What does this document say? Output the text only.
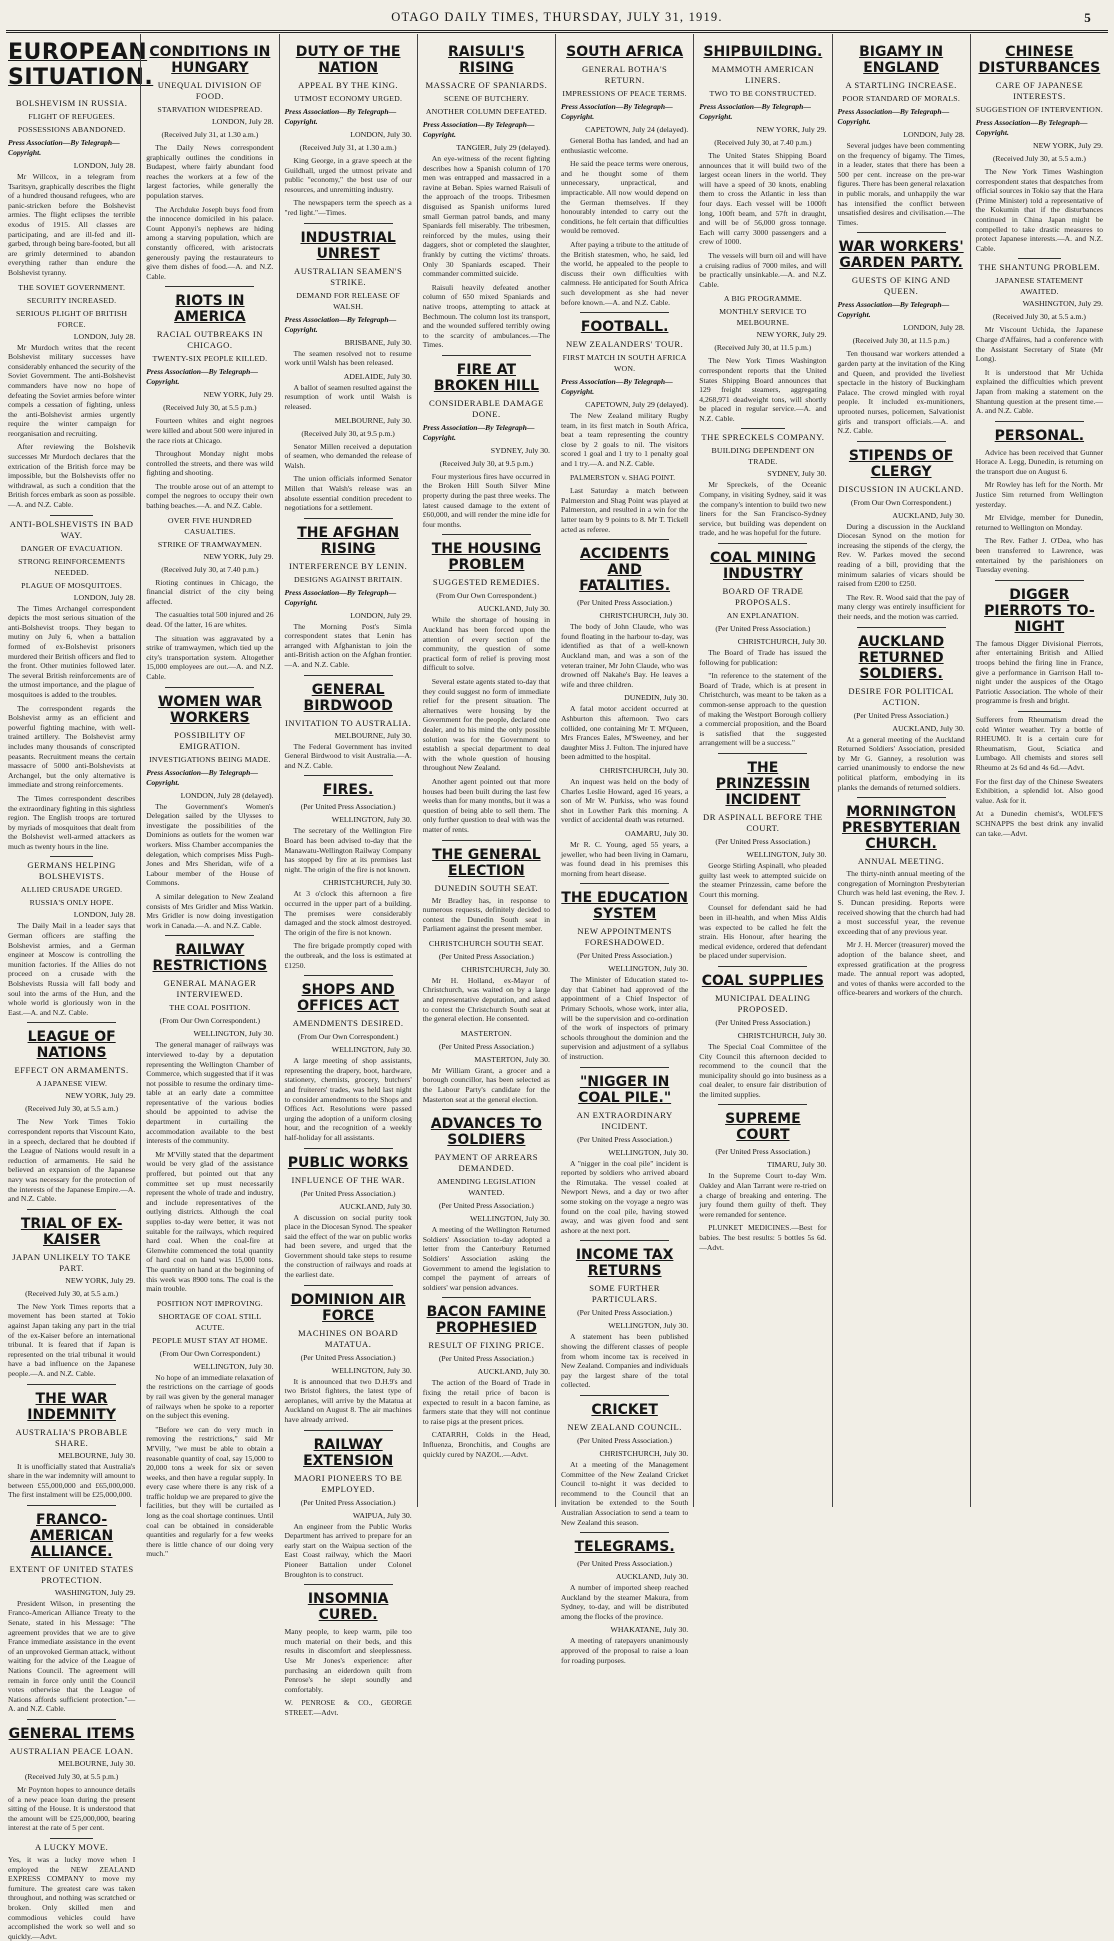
OTAGO DAILY TIMES, THURSDAY, JULY 31, 1919.	5
EUROPEAN SITUATION.
BOLSHEVISM IN RUSSIA.
FLIGHT OF REFUGEES.
POSSESSIONS ABANDONED.
Press Association—By Telegraph—Copyright.
LONDON, July 28.
Mr Willcox, in a telegram from Tsaritsyn, graphically describes the flight of a hundred thousand refugees, who are panic-stricken before the Bolshevist armies. The flight eclipses the terrible exodus of 1915. All classes are participating, and are ill-fed and ill-garbed, through being bare-footed, but all are grimly determined to abandon everything rather than endure the Bolshevist tyranny.
THE SOVIET GOVERNMENT.
SECURITY INCREASED.
SERIOUS PLIGHT OF BRITISH FORCE.
LONDON, July 28.
Mr Murdoch writes that the recent Bolshevist military successes have considerably enhanced the security of the Soviet Government. The anti-Bolshevist commanders have now no hope of defeating the Soviet armies before winter compels a cessation of fighting, unless the anti-Bolshevist armies urgently require the winter campaign for reorganisation and recruiting.
After reviewing the Bolshevik successes Mr Murdoch declares that the extrication of the British force may be impossible, but the Bolshevists offer no withdrawal, as such a condition that the British forces embark as soon as possible.—A. and N.Z. Cable.
ANTI-BOLSHEVISTS IN BAD WAY.
DANGER OF EVACUATION.
STRONG REINFORCEMENTS NEEDED.
PLAGUE OF MOSQUITOES.
LONDON, July 28.
The Times Archangel correspondent depicts the most serious situation of the anti-Bolshevist troops. They began to mutiny on July 6, when a battalion formed of ex-Bolshevist prisoners murdered their British officers and fled to the front. Other mutinies followed later. The several British reinforcements are of the utmost importance, and the plague of mosquitoes is added to the troubles.
The correspondent regards the Bolshevist army as an efficient and powerful fighting machine, with well-trained artillery. The Bolshevist army includes many thousands of conscripted peasants. Recruitment means the certain massacre of 5000 anti-Bolshevists at Archangel, but the only alternative is immediate and strong reinforcements.
The Times correspondent describes the extraordinary fighting in this sightless region. The English troops are tortured by myriads of mosquitoes that dealt from the Bolshevist well-armed attackers as much as twenty hours in the line.
GERMANS HELPING BOLSHEVISTS.
ALLIED CRUSADE URGED.
RUSSIA'S ONLY HOPE.
LONDON, July 28.
The Daily Mail in a leader says that German officers are staffing the Bolshevist armies, and a German engineer at Moscow is controlling the munition factories. If the Allies do not proceed on a crusade with the Bolshevists Russia will fall body and soul into the arms of the Hun, and the whole world is gloriously won in the East.—A. and N.Z. Cable.
LEAGUE OF NATIONS
EFFECT ON ARMAMENTS.
A JAPANESE VIEW.
NEW YORK, July 29.
(Received July 30, at 5.5 a.m.)
The New York Times Tokio correspondent reports that Viscount Kato, in a speech, declared that he doubted if the League of Nations would result in a reduction of armaments. He said he believed an expansion of the Japanese navy was necessary for the protection of the interests of the Japanese Empire.—A. and N.Z. Cable.
TRIAL OF EX-KAISER
JAPAN UNLIKELY TO TAKE PART.
NEW YORK, July 29.
(Received July 30, at 5.5 a.m.)
The New York Times reports that a movement has been started at Tokio against Japan taking any part in the trial of the ex-Kaiser before an international tribunal. It is feared that if Japan is represented on the trial tribunal it would have a bad influence on the Japanese people.—A. and N.Z. Cable.
THE WAR INDEMNITY
AUSTRALIA'S PROBABLE SHARE.
MELBOURNE, July 30.
It is unofficially stated that Australia's share in the war indemnity will amount to between £55,000,000 and £65,000,000. The first instalment will be £25,000,000.
FRANCO-AMERICAN ALLIANCE.
EXTENT OF UNITED STATES PROTECTION.
WASHINGTON, July 29.
President Wilson, in presenting the Franco-American Alliance Treaty to the Senate, stated in his Message: "The agreement provides that we are to give France immediate assistance in the event of an unprovoked German attack, without waiting for the advice of the League of Nations Council. The agreement will remain in force only until the Council votes otherwise that the League of Nations affords sufficient protection."—A. and N.Z. Cable.
GENERAL ITEMS
AUSTRALIAN PEACE LOAN.
MELBOURNE, July 30.
(Received July 30, at 5.5 p.m.)
Mr Poynton hopes to announce details of a new peace loan during the present sitting of the House. It is understood that the amount will be £25,000,000, bearing interest at the rate of 5 per cent.
A LUCKY MOVE.
Yes, it was a lucky move when I employed the NEW ZEALAND EXPRESS COMPANY to move my furniture. The greatest care was taken throughout, and nothing was scratched or broken. Only skilled men and commodious vehicles could have accomplished the work so well and so quickly.—Advt.
CONDITIONS IN HUNGARY
UNEQUAL DIVISION OF FOOD.
STARVATION WIDESPREAD.
LONDON, July 28.
(Received July 31, at 1.30 a.m.)
The Daily News correspondent graphically outlines the conditions in Budapest, where fairly abundant food reaches the workers at a few of the largest factories, while generally the population starves.
The Archduke Joseph buys food from the innocence domiciled in his palace. Count Apponyi's nephews are hiding among a starving population, which are constantly officered, with aristocrats generously paying the restaurateurs to give them dishes of food.—A. and N.Z. Cable.
RIOTS IN AMERICA
RACIAL OUTBREAKS IN CHICAGO.
TWENTY-SIX PEOPLE KILLED.
Press Association—By Telegraph—Copyright.
NEW YORK, July 29.
(Received July 30, at 5.5 p.m.)
Fourteen whites and eight negroes were killed and about 500 were injured in the race riots at Chicago.
Throughout Monday night mobs controlled the streets, and there was wild fighting and shooting.
The trouble arose out of an attempt to compel the negroes to occupy their own bathing beaches.—A. and N.Z. Cable.
OVER FIVE HUNDRED CASUALTIES.
STRIKE OF TRAMWAYMEN.
NEW YORK, July 29.
(Received July 30, at 7.40 p.m.)
Rioting continues in Chicago, the financial district of the city being affected.
The casualties total 500 injured and 26 dead. Of the latter, 16 are whites.
The situation was aggravated by a strike of tramwaymen, which tied up the city's transportation system. Altogether 15,000 employees are out.—A. and N.Z. Cable.
WOMEN WAR WORKERS
POSSIBILITY OF EMIGRATION.
INVESTIGATIONS BEING MADE.
Press Association—By Telegraph—Copyright.
LONDON, July 28 (delayed).
The Government's Women's Delegation sailed by the Ulysses to investigate the possibilities of the Dominions as outlets for the women war workers. Miss Chamber accompanies the delegation, which comprises Miss Pugh-Jones and Mrs Sheridan, wife of a Labour member of the House of Commons.
A similar delegation to New Zealand consists of Mrs Gridler and Miss Watkin. Mrs Gridler is now doing investigation work in Canada.—A. and N.Z. Cable.
RAILWAY RESTRICTIONS
GENERAL MANAGER INTERVIEWED.
THE COAL POSITION.
(From Our Own Correspondent.)
WELLINGTON, July 30.
The general manager of railways was interviewed to-day by a deputation representing the Wellington Chamber of Commerce, which suggested that if it was not possible to resume the ordinary time-table at an early date a committee representative of the various bodies should be appointed to advise the department in curtailing the accommodation available to the best interests of the community.
Mr M'Villy stated that the department would be very glad of the assistance proffered, but pointed out that any committee set up must necessarily represent the whole of trade and industry, and include representatives of the outlying districts. Although the coal supplies to-day were better, it was not suitable for the railways, which required hard coal. When the coal-fire at Glenwhite commenced the total quantity of hard coal on hand was 15,000 tons. The quantity on hand at the beginning of this week was 8900 tons. The coal is the main trouble.
POSITION NOT IMPROVING.
SHORTAGE OF COAL STILL ACUTE.
PEOPLE MUST STAY AT HOME.
(From Our Own Correspondent.)
WELLINGTON, July 30.
No hope of an immediate relaxation of the restrictions on the carriage of goods by rail was given by the general manager of railways when he spoke to a reporter on the subject this evening.
"Before we can do very much in removing the restrictions," said Mr M'Villy, "we must be able to obtain a reasonable quantity of coal, say 15,000 to 20,000 tons a week for six or seven weeks, and then have a regular supply. In every case where there is any risk of a traffic holdup we are prepared to give the facilities, but they will be curtailed as long as the coal shortage continues. Until coal can be obtained in considerable quantities and regularly for a few weeks there is little chance of our doing very much."
DUTY OF THE NATION
APPEAL BY THE KING.
UTMOST ECONOMY URGED.
Press Association—By Telegraph—Copyright.
LONDON, July 30.
(Received July 31, at 1.30 a.m.)
King George, in a grave speech at the Guildhall, urged the utmost private and public "economy," the best use of our resources, and unremitting industry.
The newspapers term the speech as a "red light."—Times.
INDUSTRIAL UNREST
AUSTRALIAN SEAMEN'S STRIKE.
DEMAND FOR RELEASE OF WALSH.
Press Association—By Telegraph—Copyright.
BRISBANE, July 30.
The seamen resolved not to resume work until Walsh has been released.
ADELAIDE, July 30.
A ballot of seamen resulted against the resumption of work until Walsh is released.
MELBOURNE, July 30.
(Received July 30, at 9.5 p.m.)
Senator Millen received a deputation of seamen, who demanded the release of Walsh.
The union officials informed Senator Millen that Walsh's release was an absolute essential condition precedent to negotiations for a settlement.
THE AFGHAN RISING
INTERFERENCE BY LENIN.
DESIGNS AGAINST BRITAIN.
Press Association—By Telegraph—Copyright.
LONDON, July 29.
The Morning Post's Simla correspondent states that Lenin has arranged with Afghanistan to join the anti-British action on the Afghan frontier.—A. and N.Z. Cable.
GENERAL BIRDWOOD
INVITATION TO AUSTRALIA.
MELBOURNE, July 30.
The Federal Government has invited General Birdwood to visit Australia.—A. and N.Z. Cable.
FIRES.
(Per United Press Association.)
WELLINGTON, July 30.
The secretary of the Wellington Fire Board has been advised to-day that the Manawatu-Wellington Railway Company has stopped by fire at its premises last night. The origin of the fire is not known.
CHRISTCHURCH, July 30.
At 3 o'clock this afternoon a fire occurred in the upper part of a building. The premises were considerably damaged and the stock almost destroyed. The origin of the fire is not known.
The fire brigade promptly coped with the outbreak, and the loss is estimated at £1250.
SHOPS AND OFFICES ACT
AMENDMENTS DESIRED.
(From Our Own Correspondent.)
WELLINGTON, July 30.
A large meeting of shop assistants, representing the drapery, boot, hardware, stationery, chemists, grocery, butchers' and fruiterers' trades, was held last night to consider amendments to the Shops and Offices Act. Resolutions were passed urging the adoption of a uniform closing hour, and the recognition of a weekly half-holiday for all assistants.
PUBLIC WORKS
INFLUENCE OF THE WAR.
(Per United Press Association.)
AUCKLAND, July 30.
A discussion on social purity took place in the Diocesan Synod. The speaker said the effect of the war on public works had been severe, and urged that the Government should take steps to resume the construction of railways and roads at the earliest date.
DOMINION AIR FORCE
MACHINES ON BOARD MATATUA.
(Per United Press Association.)
WELLINGTON, July 30.
It is announced that two D.H.9's and two Bristol fighters, the latest type of aeroplanes, will arrive by the Matatua at Auckland on August 8. The air machines have already arrived.
RAILWAY EXTENSION
MAORI PIONEERS TO BE EMPLOYED.
(Per United Press Association.)
WAIPUA, July 30.
An engineer from the Public Works Department has arrived to prepare for an early start on the Waipua section of the East Coast railway, which the Maori Pioneer Battalion under Colonel Broughton is to construct.
INSOMNIA CURED.
Many people, to keep warm, pile too much material on their beds, and this results in discomfort and sleeplessness. Use Mr Jones's experience: after purchasing an eiderdown quilt from Penrose's he slept soundly and comfortably.
W. PENROSE & CO., GEORGE STREET.—Advt.
RAISULI'S RISING
MASSACRE OF SPANIARDS.
SCENE OF BUTCHERY.
ANOTHER COLUMN DEFEATED.
Press Association—By Telegraph—Copyright.
TANGIER, July 29 (delayed).
An eye-witness of the recent fighting describes how a Spanish column of 170 men was entrapped and massacred in a ravine at Beban. Spies warned Raisuli of the approach of the troops. Tribesmen disguised as Spanish uniforms lured small German patrol bands, and many Spaniards fell miserably. The tribesmen, reinforced by the mules, using their daggers, shot or completed the slaughter, frankly by cutting the victims' throats. Only 30 Spaniards escaped. Their commander committed suicide.
Raisuli heavily defeated another column of 650 mixed Spaniards and native troops, attempting to attack at Bechmoun. The column lost its transport, and the wounded suffered terribly owing to the scarcity of ambulances.—The Times.
FIRE AT BROKEN HILL
CONSIDERABLE DAMAGE DONE.
Press Association—By Telegraph—Copyright.
SYDNEY, July 30.
(Received July 30, at 9.5 p.m.)
Four mysterious fires have occurred in the Broken Hill South Silver Mine property during the past three weeks. The latest caused damage to the extent of £60,000, and will render the mine idle for four months.
THE HOUSING PROBLEM
SUGGESTED REMEDIES.
(From Our Own Correspondent.)
AUCKLAND, July 30.
While the shortage of housing in Auckland has been forced upon the attention of every section of the community, the question of some practical form of relief is proving most difficult to solve.
Several estate agents stated to-day that they could suggest no form of immediate relief for the present situation. The alternatives were housing by the Government for the people, declared one dealer, and to his mind the only possible solution was for the Government to establish a special department to deal with the whole question of housing throughout New Zealand.
Another agent pointed out that more houses had been built during the last few weeks than for many months, but it was a question of being able to sell them. The only further question to deal with was the matter of rents.
THE GENERAL ELECTION
DUNEDIN SOUTH SEAT.
Mr Bradley has, in response to numerous requests, definitely decided to contest the Dunedin South seat in Parliament against the present member.
CHRISTCHURCH SOUTH SEAT.
(Per United Press Association.)
CHRISTCHURCH, July 30.
Mr H. Holland, ex-Mayor of Christchurch, was waited on by a large and representative deputation, and asked to contest the Christchurch South seat at the general election. He consented.
MASTERTON.
(Per United Press Association.)
MASTERTON, July 30.
Mr William Grant, a grocer and a borough councillor, has been selected as the Labour Party's candidate for the Masterton seat at the general election.
ADVANCES TO SOLDIERS
PAYMENT OF ARREARS DEMANDED.
AMENDING LEGISLATION WANTED.
(Per United Press Association.)
WELLINGTON, July 30.
A meeting of the Wellington Returned Soldiers' Association to-day adopted a letter from the Canterbury Returned Soldiers' Association asking the Government to amend the legislation to compel the payment of arrears of soldiers' war pension advances.
BACON FAMINE PROPHESIED
RESULT OF FIXING PRICE.
(Per United Press Association.)
AUCKLAND, July 30.
The action of the Board of Trade in fixing the retail price of bacon is expected to result in a bacon famine, as farmers state that they will not continue to raise pigs at the present prices.
CATARRH, Colds in the Head, Influenza, Bronchitis, and Coughs are quickly cured by NAZOL.—Advt.
SOUTH AFRICA
GENERAL BOTHA'S RETURN.
IMPRESSIONS OF PEACE TERMS.
Press Association—By Telegraph—Copyright.
CAPETOWN, July 24 (delayed).
General Botha has landed, and had an enthusiastic welcome.
He said the peace terms were onerous, and he thought some of them unnecessary, unpractical, and impracticable. All now would depend on the German themselves. If they honourably intended to carry out the conditions, he felt certain that difficulties would be removed.
After paying a tribute to the attitude of the British statesmen, who, he said, led the world, he appealed to the people to discuss their own difficulties with calmness. He anticipated for South Africa such development as she had never before known.—A. and N.Z. Cable.
FOOTBALL.
NEW ZEALANDERS' TOUR.
FIRST MATCH IN SOUTH AFRICA WON.
Press Association—By Telegraph—Copyright.
CAPETOWN, July 29 (delayed).
The New Zealand military Rugby team, in its first match in South Africa, beat a team representing the country close by 2 goals to nil. The visitors scored 1 goal and 1 try to 1 penalty goal and 1 try.—A. and N.Z. Cable.
PALMERSTON v. SHAG POINT.
Last Saturday a match between Palmerston and Shag Point was played at Palmerston, and resulted in a win for the latter team by 9 points to 8. Mr T. Tickell acted as referee.
ACCIDENTS AND FATALITIES.
(Per United Press Association.)
CHRISTCHURCH, July 30.
The body of John Claude, who was found floating in the harbour to-day, was identified as that of a well-known Auckland man, and was a son of the veteran trainer, Mr John Claude, who was drowned off Nakahe's Bay. He leaves a wife and three children.
DUNEDIN, July 30.
A fatal motor accident occurred at Ashburton this afternoon. Two cars collided, one containing Mr T. M'Queen, Mrs Frances Eales, M'Sweeney, and her daughter Miss J. Fulton. The injured have been admitted to the hospital.
CHRISTCHURCH, July 30.
An inquest was held on the body of Charles Leslie Howard, aged 16 years, a son of Mr W. Purkiss, who was found shot in Lowther Park this morning. A verdict of accidental death was returned.
OAMARU, July 30.
Mr R. C. Young, aged 55 years, a jeweller, who had been living in Oamaru, was found dead in his premises this morning from heart disease.
THE EDUCATION SYSTEM
NEW APPOINTMENTS FORESHADOWED.
(Per United Press Association.)
WELLINGTON, July 30.
The Minister of Education stated to-day that Cabinet had approved of the appointment of a Chief Inspector of Primary Schools, whose work, inter alia, will be the supervision and co-ordination of the work of inspectors of primary schools throughout the dominion and the supervision and adjustment of a syllabus of instruction.
"NIGGER IN COAL PILE."
AN EXTRAORDINARY INCIDENT.
(Per United Press Association.)
WELLINGTON, July 30.
A "nigger in the coal pile" incident is reported by soldiers who arrived aboard the Rimutaka. The vessel coaled at Newport News, and a day or two after some stoking on the voyage a negro was found on the coal pile, having stowed away, and was given food and sent ashore at the next port.
INCOME TAX RETURNS
SOME FURTHER PARTICULARS.
(Per United Press Association.)
WELLINGTON, July 30.
A statement has been published showing the different classes of people from whom income tax is received in New Zealand. Companies and individuals pay the largest share of the total collected.
CRICKET
NEW ZEALAND COUNCIL.
(Per United Press Association.)
CHRISTCHURCH, July 30.
At a meeting of the Management Committee of the New Zealand Cricket Council to-night it was decided to recommend to the Council that an invitation be extended to the South Australian Association to send a team to New Zealand this season.
TELEGRAMS.
(Per United Press Association.)
AUCKLAND, July 30.
A number of imported sheep reached Auckland by the steamer Makura, from Sydney, to-day, and will be distributed among the flocks of the province.
WHAKATANE, July 30.
A meeting of ratepayers unanimously approved of the proposal to raise a loan for roading purposes.
SHIPBUILDING.
MAMMOTH AMERICAN LINERS.
TWO TO BE CONSTRUCTED.
Press Association—By Telegraph—Copyright.
NEW YORK, July 29.
(Received July 30, at 7.40 p.m.)
The United States Shipping Board announces that it will build two of the largest ocean liners in the world. They will have a speed of 30 knots, enabling them to cross the Atlantic in less than four days. Each vessel will be 1000ft long, 100ft beam, and 57ft in draught, and will be of 56,000 gross tonnage. Each will carry 3000 passengers and a crew of 1000.
The vessels will burn oil and will have a cruising radius of 7000 miles, and will be practically unsinkable.—A. and N.Z. Cable.
A BIG PROGRAMME.
MONTHLY SERVICE TO MELBOURNE.
NEW YORK, July 29.
(Received July 30, at 11.5 p.m.)
The New York Times Washington correspondent reports that the United States Shipping Board announces that 129 freight steamers, aggregating 4,268,971 deadweight tons, will shortly be placed in regular service.—A. and N.Z. Cable.
THE SPRECKELS COMPANY.
BUILDING DEPENDENT ON TRADE.
SYDNEY, July 30.
Mr Spreckels, of the Oceanic Company, in visiting Sydney, said it was the company's intention to build two new liners for the San Francisco-Sydney service, but building was dependent on trade, and he was hopeful for the future.
COAL MINING INDUSTRY
BOARD OF TRADE PROPOSALS.
AN EXPLANATION.
(Per United Press Association.)
CHRISTCHURCH, July 30.
The Board of Trade has issued the following for publication:
"In reference to the statement of the Board of Trade, which is at present in Christchurch, was meant to be taken as a common-sense approach to the question of making the Westport Borough colliery a commercial proposition, and the Board is satisfied that the suggested arrangement will be a success."
THE PRINZESSIN INCIDENT
DR ASPINALL BEFORE THE COURT.
(Per United Press Association.)
WELLINGTON, July 30.
George Stirling Aspinall, who pleaded guilty last week to attempted suicide on the steamer Prinzessin, came before the Court this morning.
Counsel for defendant said he had been in ill-health, and when Miss Aldis was expected to be called he felt the strain. His Honour, after hearing the medical evidence, ordered that defendant be placed under supervision.
COAL SUPPLIES
MUNICIPAL DEALING PROPOSED.
(Per United Press Association.)
CHRISTCHURCH, July 30.
The Special Coal Committee of the City Council this afternoon decided to recommend to the council that the municipality should go into business as a coal dealer, to ensure fair distribution of the limited supplies.
SUPREME COURT
(Per United Press Association.)
TIMARU, July 30.
In the Supreme Court to-day Wm. Oakley and Alan Tarrant were re-tried on a charge of breaking and entering. The jury found them guilty of theft. They were remanded for sentence.
PLUNKET MEDICINES.—Best for babies. The best results: 5 bottles 5s 6d.—Advt.
BIGAMY IN ENGLAND
A STARTLING INCREASE.
POOR STANDARD OF MORALS.
Press Association—By Telegraph—Copyright.
LONDON, July 28.
Several judges have been commenting on the frequency of bigamy. The Times, in a leader, states that there has been a 500 per cent. increase on the pre-war figures. There has been general relaxation in public morals, and unhappily the war has intensified the conflict between unsatisfied desires and civilisation.—The Times.
WAR WORKERS' GARDEN PARTY.
GUESTS OF KING AND QUEEN.
Press Association—By Telegraph—Copyright.
LONDON, July 28.
(Received July 30, at 11.5 p.m.)
Ten thousand war workers attended a garden party at the invitation of the King and Queen, and provided the liveliest spectacle in the history of Buckingham Palace. The crowd mingled with royal people. It included ex-munitioners, uprooted nurses, policemen, Salvationist girls and transport officials.—A. and N.Z. Cable.
STIPENDS OF CLERGY
DISCUSSION IN AUCKLAND.
(From Our Own Correspondent.)
AUCKLAND, July 30.
During a discussion in the Auckland Diocesan Synod on the motion for increasing the stipends of the clergy, the Rev. W. Parkes moved the second reading of a bill, providing that the minimum salaries of vicars should be raised from £200 to £250.
The Rev. R. Wood said that the pay of many clergy was entirely insufficient for their needs, and the motion was carried.
AUCKLAND RETURNED SOLDIERS.
DESIRE FOR POLITICAL ACTION.
(Per United Press Association.)
AUCKLAND, July 30.
At a general meeting of the Auckland Returned Soldiers' Association, presided by Mr G. Ganney, a resolution was carried unanimously to endorse the new political platform, embodying in its planks the demands of returned soldiers.
MORNINGTON PRESBYTERIAN CHURCH.
ANNUAL MEETING.
The thirty-ninth annual meeting of the congregation of Mornington Presbyterian Church was held last evening, the Rev. J. S. Duncan presiding. Reports were received showing that the church had had a most successful year, the revenue exceeding that of any previous year.
Mr J. H. Mercer (treasurer) moved the adoption of the balance sheet, and expressed gratification at the progress made. The annual report was adopted, and votes of thanks were accorded to the office-bearers and workers of the church.
CHINESE DISTURBANCES
CARE OF JAPANESE INTERESTS.
SUGGESTION OF INTERVENTION.
Press Association—By Telegraph—Copyright.
NEW YORK, July 29.
(Received July 30, at 5.5 a.m.)
The New York Times Washington correspondent states that despatches from official sources in Tokio say that the Hara (Prime Minister) told a representative of the Kokumin that if the disturbances continued in China Japan might be compelled to take drastic measures to protect Japanese interests.—A. and N.Z. Cable.
THE SHANTUNG PROBLEM.
JAPANESE STATEMENT AWAITED.
WASHINGTON, July 29.
(Received July 30, at 5.5 a.m.)
Mr Viscount Uchida, the Japanese Charge d'Affaires, had a conference with the Assistant Secretary of State (Mr Long).
It is understood that Mr Uchida explained the difficulties which prevent Japan from making a statement on the Shantung question at the present time.—A. and N.Z. Cable.
PERSONAL.
Advice has been received that Gunner Horace A. Legg, Dunedin, is returning on the transport due on August 6.
Mr Rowley has left for the North. Mr Justice Sim returned from Wellington yesterday.
Mr Elvidge, member for Dunedin, returned to Wellington on Monday.
The Rev. Father J. O'Dea, who has been transferred to Lawrence, was entertained by the parishioners on Tuesday evening.
DIGGER PIERROTS TO-NIGHT
The famous Digger Divisional Pierrots, after entertaining British and Allied troops behind the firing line in France, give a performance in Garrison Hall to-night under the auspices of the Otago Patriotic Association. The whole of their programme is fresh and bright.
Sufferers from Rheumatism dread the cold Winter weather. Try a bottle of RHEUMO. It is a certain cure for Rheumatism, Gout, Sciatica and Lumbago. All chemists and stores sell Rheumo at 2s 6d and 4s 6d.—Advt.
For the first day of the Chinese Sweaters Exhibition, a splendid lot. Also good value. Ask for it.
At a Dunedin chemist's, WOLFE'S SCHNAPPS the best drink any invalid can take.—Advt.
